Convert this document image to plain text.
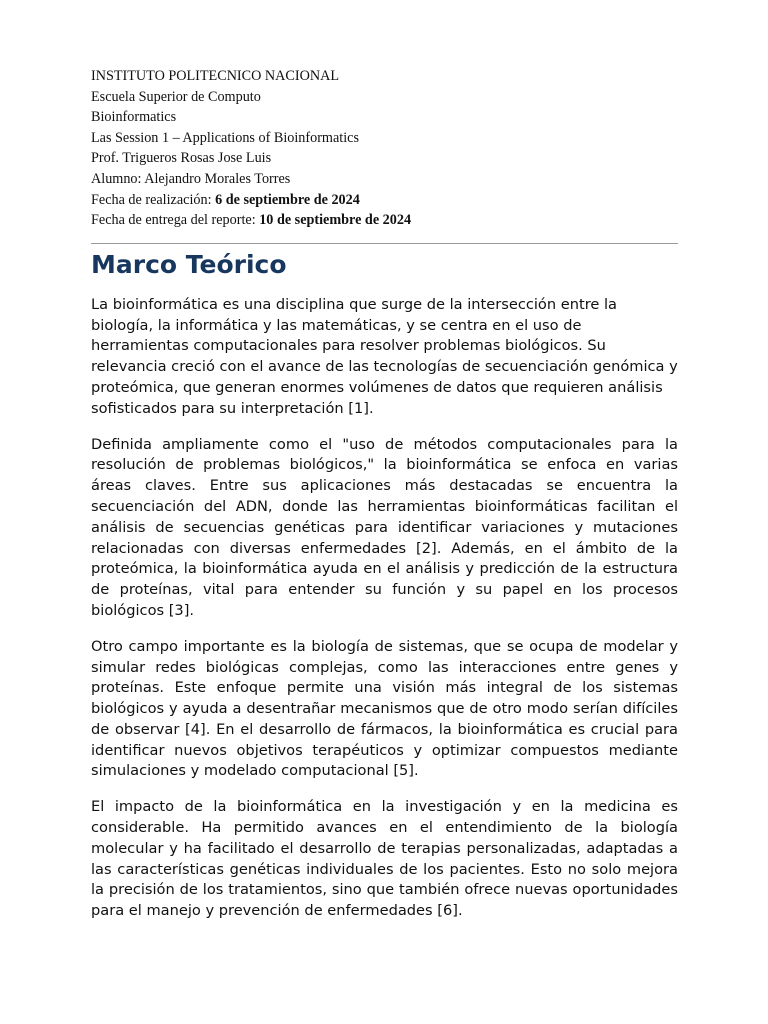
INSTITUTO POLITECNICO NACIONAL
Escuela Superior de Computo
Bioinformatics
Las Session 1 – Applications of Bioinformatics
Prof. Trigueros Rosas Jose Luis
Alumno: Alejandro Morales Torres
Fecha de realización: 6 de septiembre de 2024
Fecha de entrega del reporte: 10 de septiembre de 2024
Marco Teórico

La bioinformática es una disciplina que surge de la intersección entre la biología, la informática y las matemáticas, y se centra en el uso de herramientas computacionales para resolver problemas biológicos. Su relevancia creció con el avance de las tecnologías de secuenciación genómica y proteómica, que generan enormes volúmenes de datos que requieren análisis sofisticados para su interpretación [1].

Definida ampliamente como el "uso de métodos computacionales para la resolución de problemas biológicos," la bioinformática se enfoca en varias áreas claves. Entre sus aplicaciones más destacadas se encuentra la secuenciación del ADN, donde las herramientas bioinformáticas facilitan el análisis de secuencias genéticas para identificar variaciones y mutaciones relacionadas con diversas enfermedades [2]. Además, en el ámbito de la proteómica, la bioinformática ayuda en el análisis y predicción de la estructura de proteínas, vital para entender su función y su papel en los procesos biológicos [3].

Otro campo importante es la biología de sistemas, que se ocupa de modelar y simular redes biológicas complejas, como las interacciones entre genes y proteínas. Este enfoque permite una visión más integral de los sistemas biológicos y ayuda a desentrañar mecanismos que de otro modo serían difíciles de observar [4]. En el desarrollo de fármacos, la bioinformática es crucial para identificar nuevos objetivos terapéuticos y optimizar compuestos mediante simulaciones y modelado computacional [5].

El impacto de la bioinformática en la investigación y en la medicina es considerable. Ha permitido avances en el entendimiento de la biología molecular y ha facilitado el desarrollo de terapias personalizadas, adaptadas a las características genéticas individuales de los pacientes. Esto no solo mejora la precisión de los tratamientos, sino que también ofrece nuevas oportunidades para el manejo y prevención de enfermedades [6].
